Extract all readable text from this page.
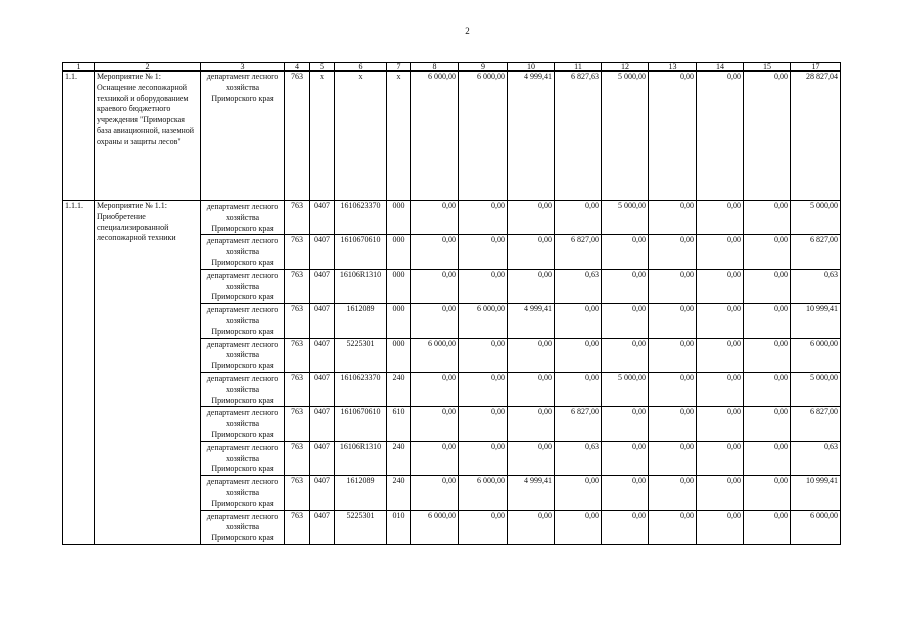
2
1	2	3	4	5	6	7	8	9	10	11	12	13	14	15	17
1.1.	Мероприятие № 1: Оснащение лесопожарной техникой и оборудованием краевого бюджетного учреждения "Приморская база авиационной, наземной охраны и защиты лесов"	департамент лесного хозяйства Приморского края	763	х	х	х	6 000,00	6 000,00	4 999,41	6 827,63	5 000,00	0,00	0,00	0,00	28 827,04
1.1.1.	Мероприятие № 1.1: Приобретение специализированной лесопожарной техники	департамент лесного хозяйства Приморского края	763	0407	1610623370	000	0,00	0,00	0,00	0,00	5 000,00	0,00	0,00	0,00	5 000,00
		департамент лесного хозяйства Приморского края	763	0407	1610670610	000	0,00	0,00	0,00	6 827,00	0,00	0,00	0,00	0,00	6 827,00
		департамент лесного хозяйства Приморского края	763	0407	16106R1310	000	0,00	0,00	0,00	0,63	0,00	0,00	0,00	0,00	0,63
		департамент лесного хозяйства Приморского края	763	0407	1612089	000	0,00	6 000,00	4 999,41	0,00	0,00	0,00	0,00	0,00	10 999,41
		департамент лесного хозяйства Приморского края	763	0407	5225301	000	6 000,00	0,00	0,00	0,00	0,00	0,00	0,00	0,00	6 000,00
		департамент лесного хозяйства Приморского края	763	0407	1610623370	240	0,00	0,00	0,00	0,00	5 000,00	0,00	0,00	0,00	5 000,00
		департамент лесного хозяйства Приморского края	763	0407	1610670610	610	0,00	0,00	0,00	6 827,00	0,00	0,00	0,00	0,00	6 827,00
		департамент лесного хозяйства Приморского края	763	0407	16106R1310	240	0,00	0,00	0,00	0,63	0,00	0,00	0,00	0,00	0,63
		департамент лесного хозяйства Приморского края	763	0407	1612089	240	0,00	6 000,00	4 999,41	0,00	0,00	0,00	0,00	0,00	10 999,41
		департамент лесного хозяйства Приморского края	763	0407	5225301	010	6 000,00	0,00	0,00	0,00	0,00	0,00	0,00	0,00	6 000,00
